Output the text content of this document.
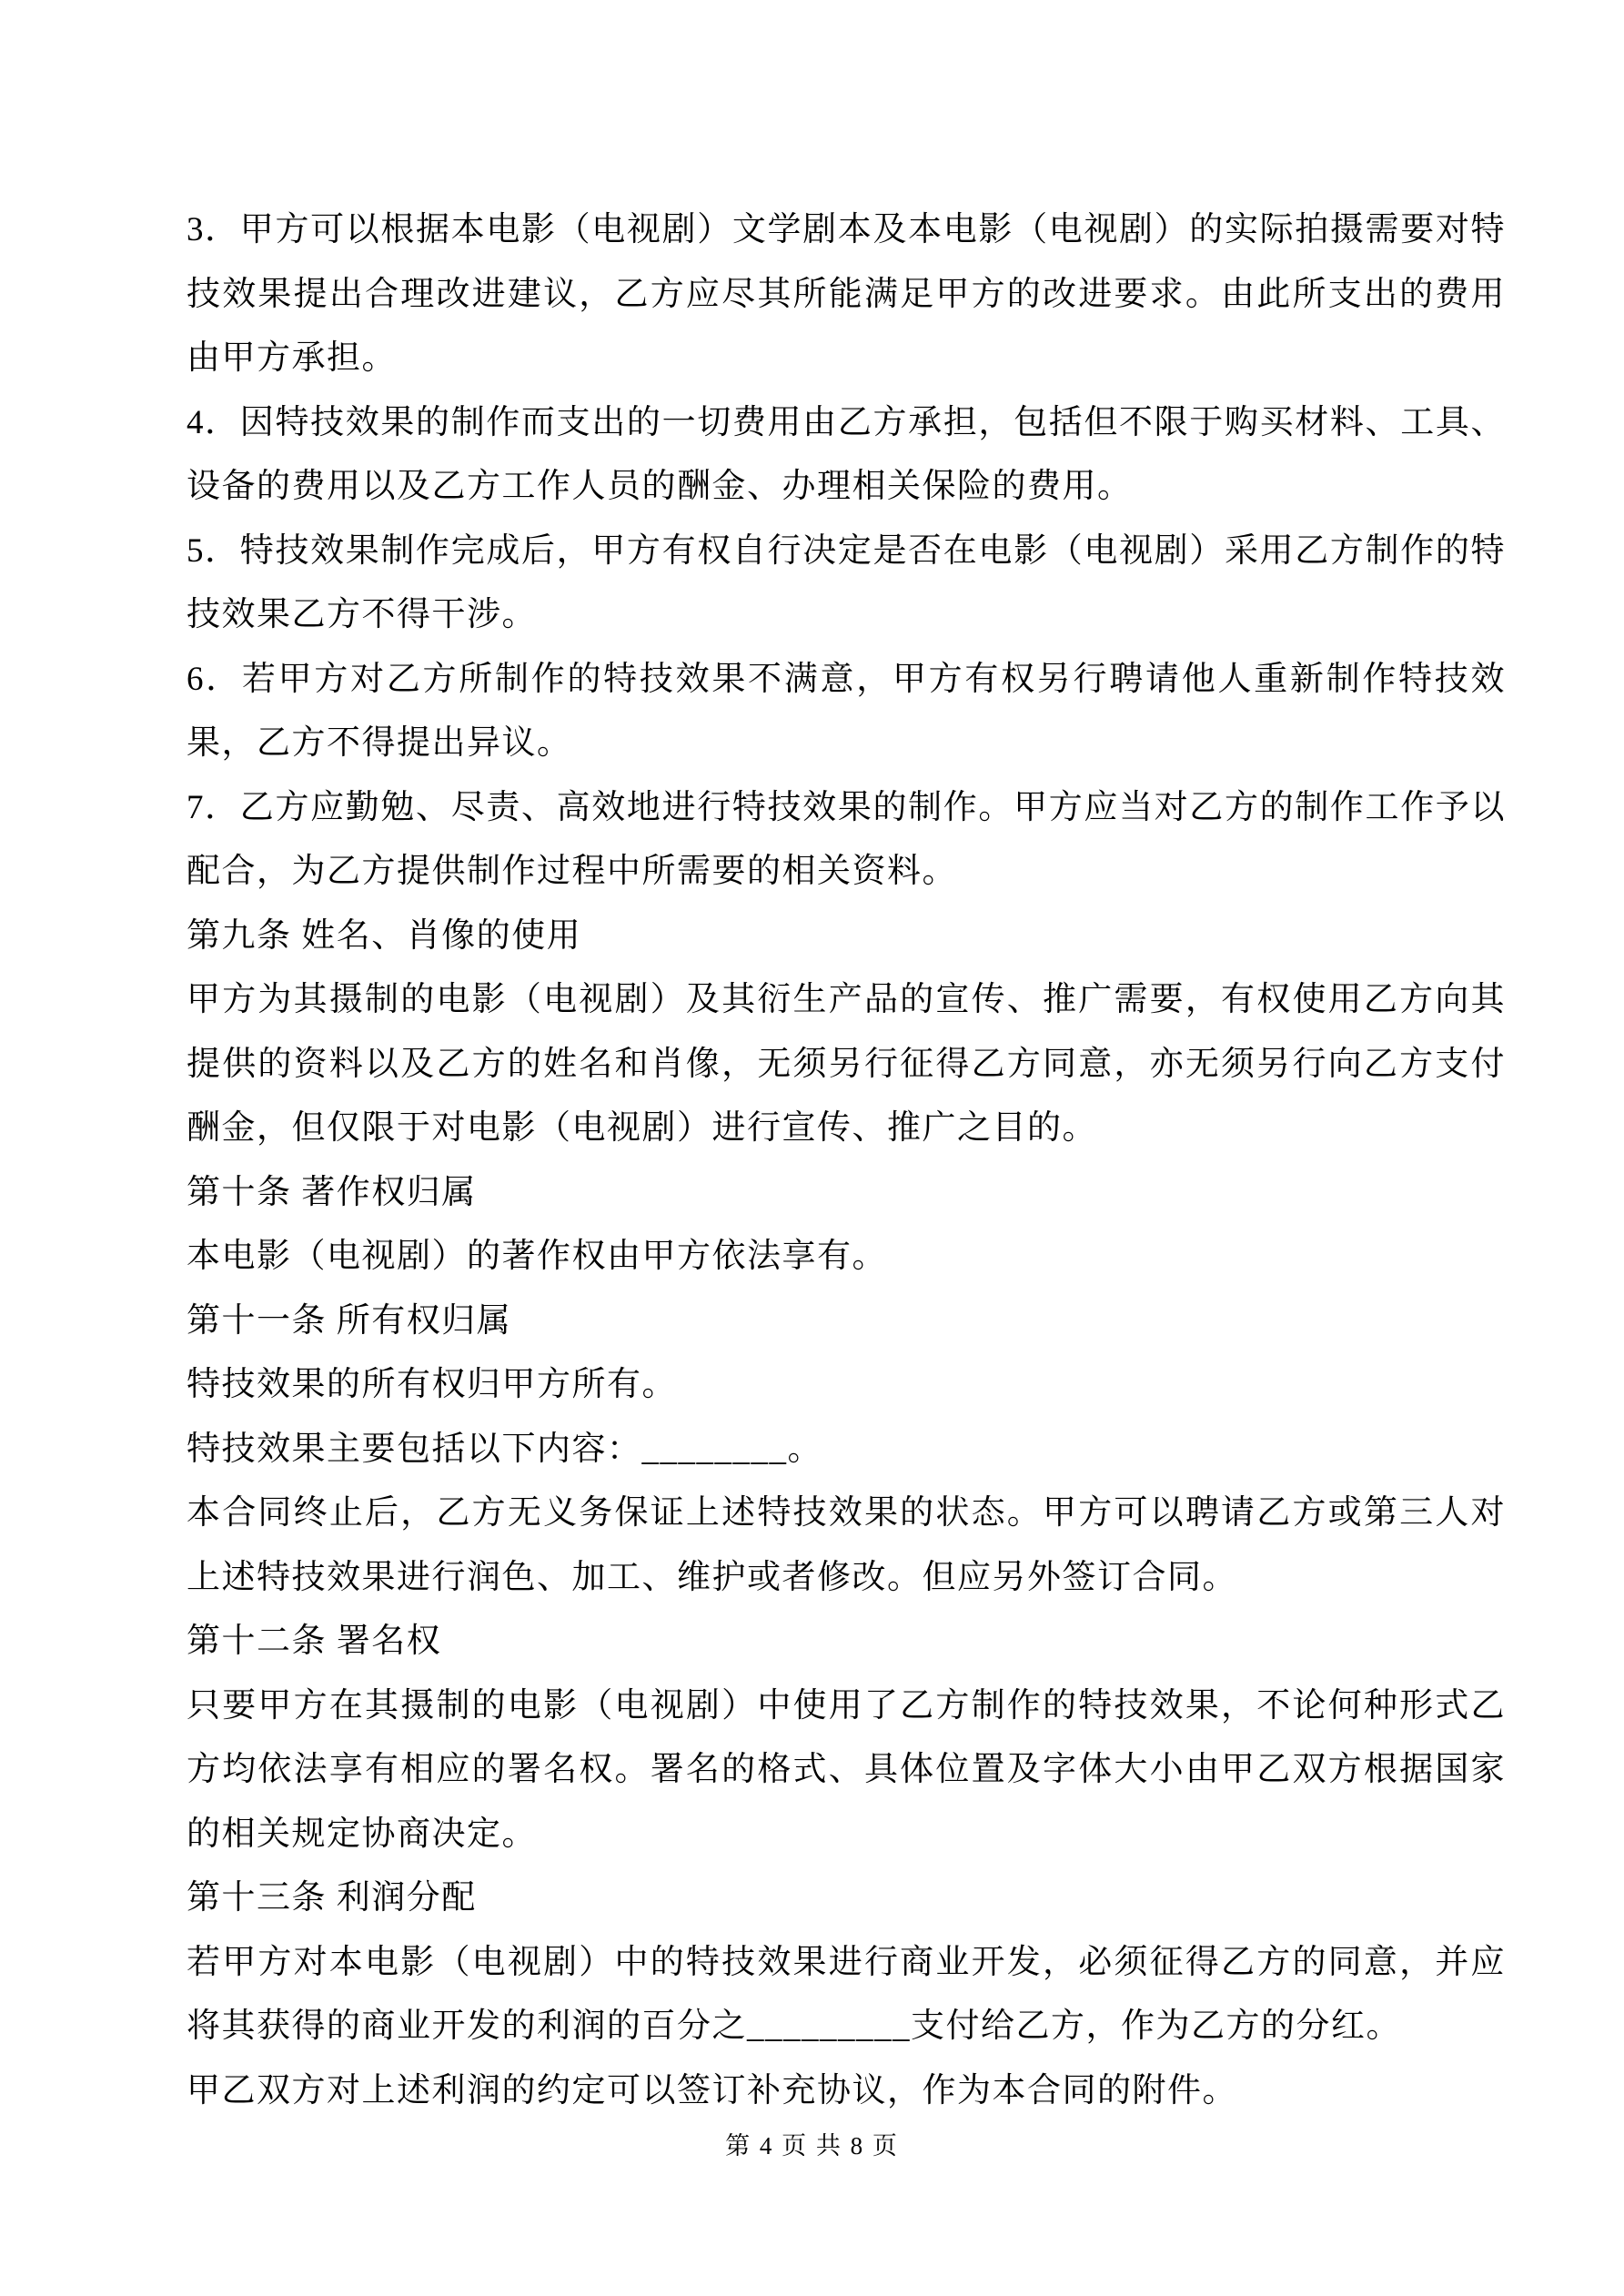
3．甲方可以根据本电影（电视剧）文学剧本及本电影（电视剧）的实际拍摄需要对特技效果提出合理改进建议，乙方应尽其所能满足甲方的改进要求。由此所支出的费用由甲方承担。

4．因特技效果的制作而支出的一切费用由乙方承担，包括但不限于购买材料、工具、设备的费用以及乙方工作人员的酬金、办理相关保险的费用。

5．特技效果制作完成后，甲方有权自行决定是否在电影（电视剧）采用乙方制作的特技效果乙方不得干涉。

6．若甲方对乙方所制作的特技效果不满意，甲方有权另行聘请他人重新制作特技效果，乙方不得提出异议。

7．乙方应勤勉、尽责、高效地进行特技效果的制作。甲方应当对乙方的制作工作予以配合，为乙方提供制作过程中所需要的相关资料。

第九条 姓名、肖像的使用

甲方为其摄制的电影（电视剧）及其衍生产品的宣传、推广需要，有权使用乙方向其提供的资料以及乙方的姓名和肖像，无须另行征得乙方同意，亦无须另行向乙方支付酬金，但仅限于对电影（电视剧）进行宣传、推广之目的。

第十条 著作权归属

本电影（电视剧）的著作权由甲方依法享有。

第十一条 所有权归属

特技效果的所有权归甲方所有。

特技效果主要包括以下内容：________。

本合同终止后，乙方无义务保证上述特技效果的状态。甲方可以聘请乙方或第三人对上述特技效果进行润色、加工、维护或者修改。但应另外签订合同。

第十二条 署名权

只要甲方在其摄制的电影（电视剧）中使用了乙方制作的特技效果，不论何种形式乙方均依法享有相应的署名权。署名的格式、具体位置及字体大小由甲乙双方根据国家的相关规定协商决定。

第十三条 利润分配

若甲方对本电影（电视剧）中的特技效果进行商业开发，必须征得乙方的同意，并应将其获得的商业开发的利润的百分之_________支付给乙方，作为乙方的分红。

甲乙双方对上述利润的约定可以签订补充协议，作为本合同的附件。

第 4 页 共 8 页
